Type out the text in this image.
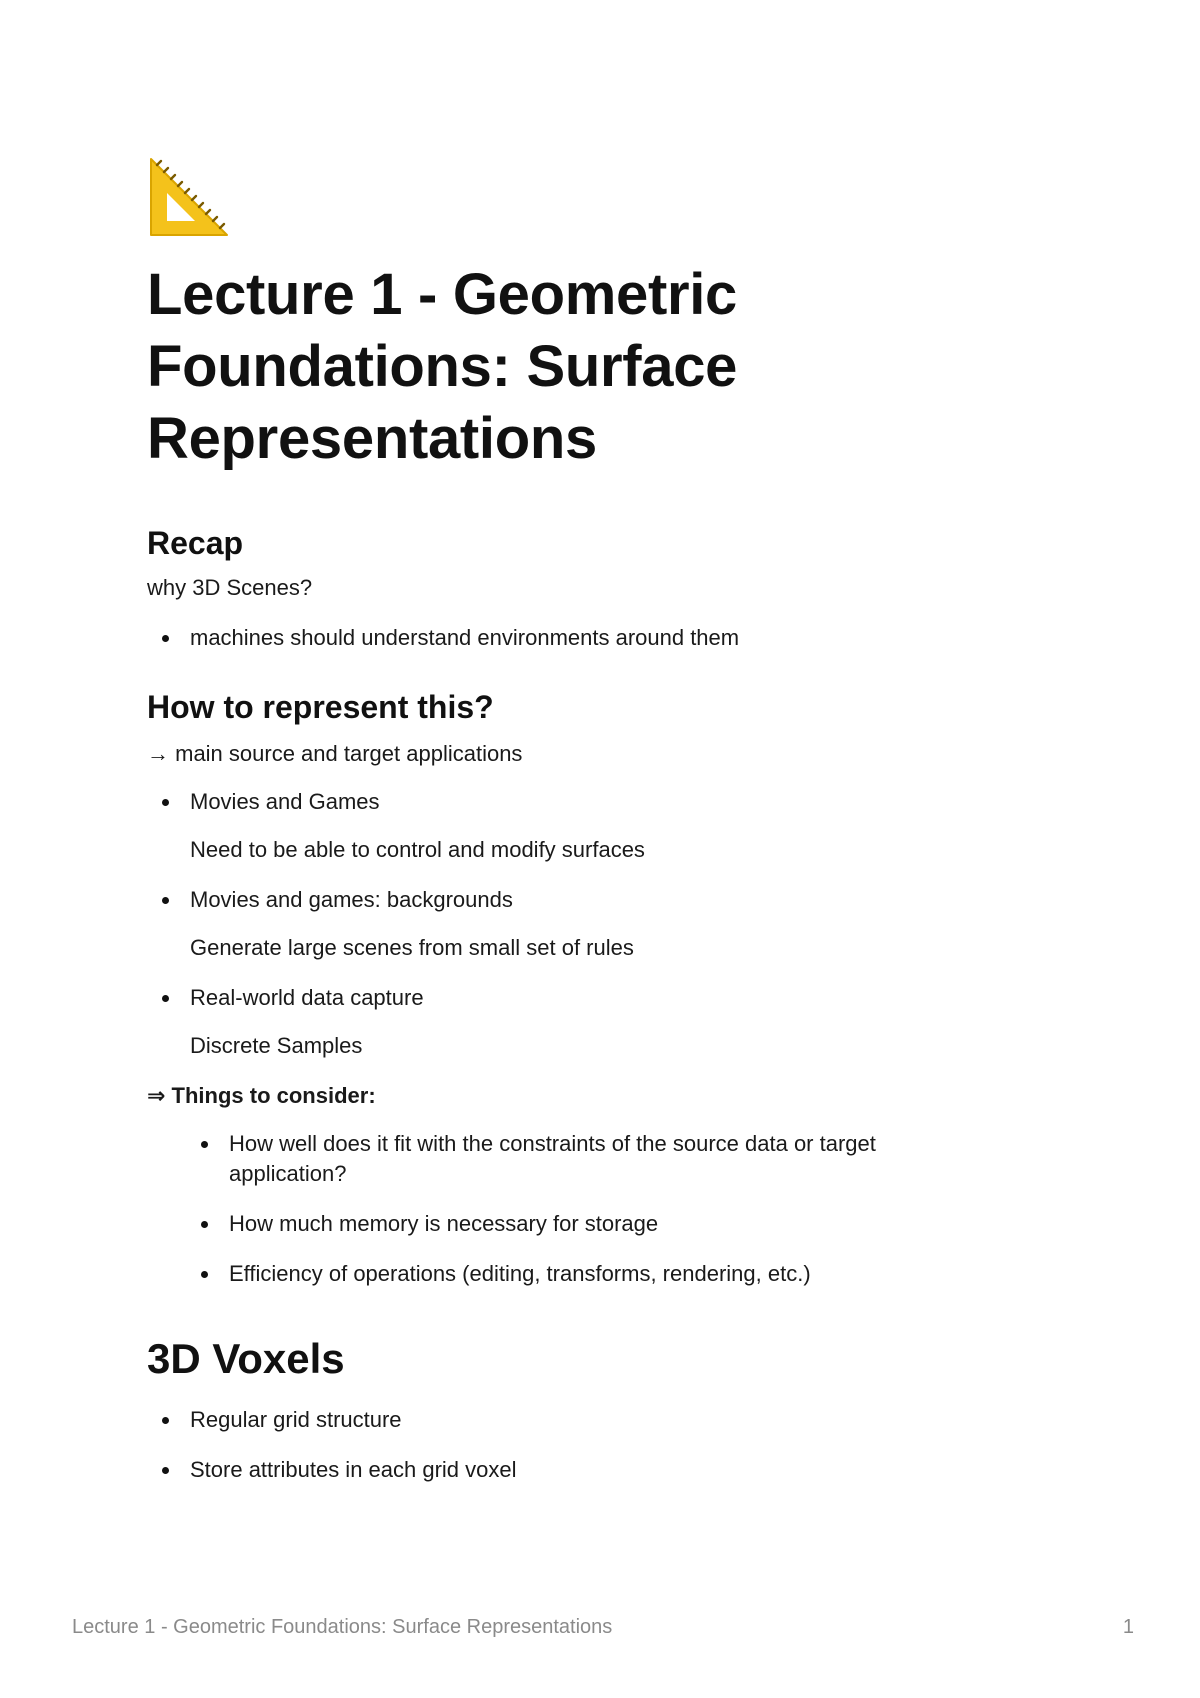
Lecture 1 - Geometric Foundations: Surface Representations
Recap

why 3D Scenes?

machines should understand environments around them
How to represent this?

→ main source and target applications

Movies and Games
Need to be able to control and modify surfaces
Movies and games: backgrounds
Generate large scenes from small set of rules
Real-world data capture
Discrete Samples

⇒ Things to consider:

How well does it fit with the constraints of the source data or target application?
How much memory is necessary for storage
Efficiency of operations (editing, transforms, rendering, etc.)
3D Voxels
Regular grid structure
Store attributes in each grid voxel
Lecture 1 - Geometric Foundations: Surface Representations	1
